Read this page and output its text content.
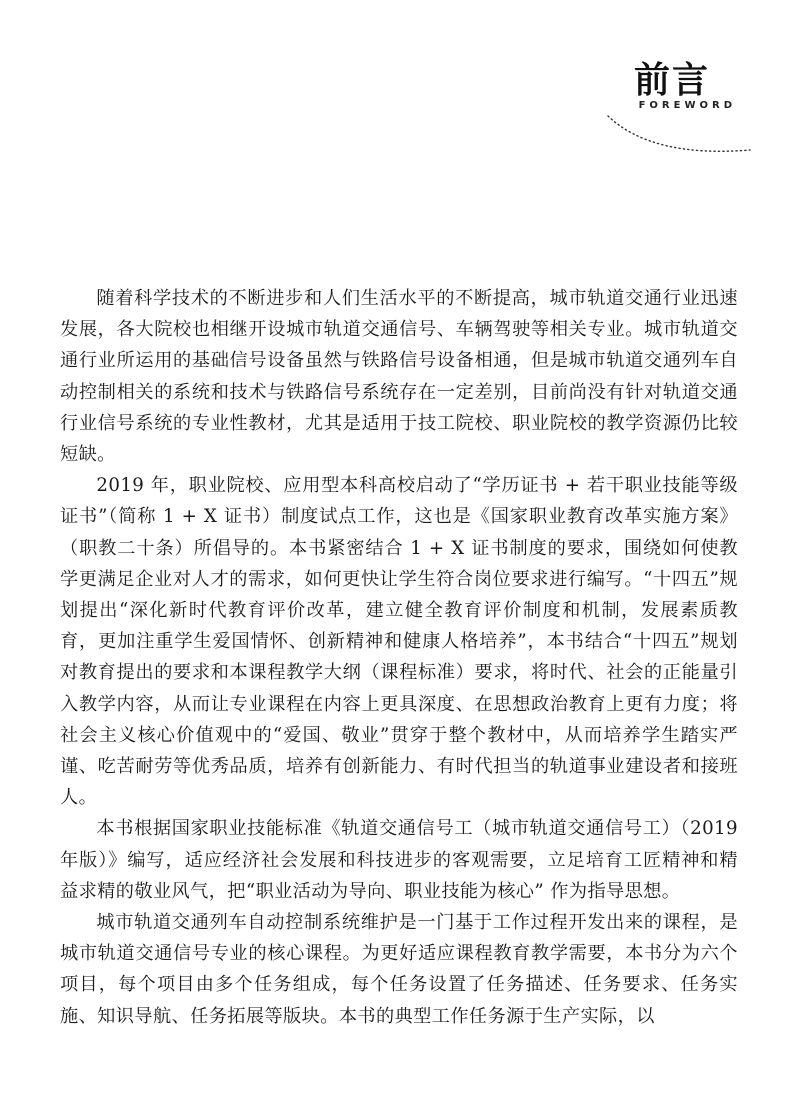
前言
FOREWORD

随着科学技术的不断进步和人们生活水平的不断提高，城市轨道交通行业迅速发展，各大院校也相继开设城市轨道交通信号、车辆驾驶等相关专业。城市轨道交通行业所运用的基础信号设备虽然与铁路信号设备相通，但是城市轨道交通列车自动控制相关的系统和技术与铁路信号系统存在一定差别，目前尚没有针对轨道交通行业信号系统的专业性教材，尤其是适用于技工院校、职业院校的教学资源仍比较短缺。

2019 年，职业院校、应用型本科高校启动了“学历证书 + 若干职业技能等级证书”（简称 1 + X 证书）制度试点工作，这也是《国家职业教育改革实施方案》（职教二十条）所倡导的。本书紧密结合 1 + X 证书制度的要求，围绕如何使教学更满足企业对人才的需求，如何更快让学生符合岗位要求进行编写。“十四五”规划提出“深化新时代教育评价改革，建立健全教育评价制度和机制，发展素质教育，更加注重学生爱国情怀、创新精神和健康人格培养”，本书结合“十四五”规划对教育提出的要求和本课程教学大纲（课程标准）要求，将时代、社会的正能量引入教学内容，从而让专业课程在内容上更具深度、在思想政治教育上更有力度；将社会主义核心价值观中的“爱国、敬业”贯穿于整个教材中，从而培养学生踏实严谨、吃苦耐劳等优秀品质，培养有创新能力、有时代担当的轨道事业建设者和接班人。

本书根据国家职业技能标准《轨道交通信号工（城市轨道交通信号工）（2019 年版）》编写，适应经济社会发展和科技进步的客观需要，立足培育工匠精神和精益求精的敬业风气，把“职业活动为导向、职业技能为核心” 作为指导思想。

城市轨道交通列车自动控制系统维护是一门基于工作过程开发出来的课程，是城市轨道交通信号专业的核心课程。为更好适应课程教育教学需要，本书分为六个项目，每个项目由多个任务组成，每个任务设置了任务描述、任务要求、任务实施、知识导航、任务拓展等版块。本书的典型工作任务源于生产实际，以
